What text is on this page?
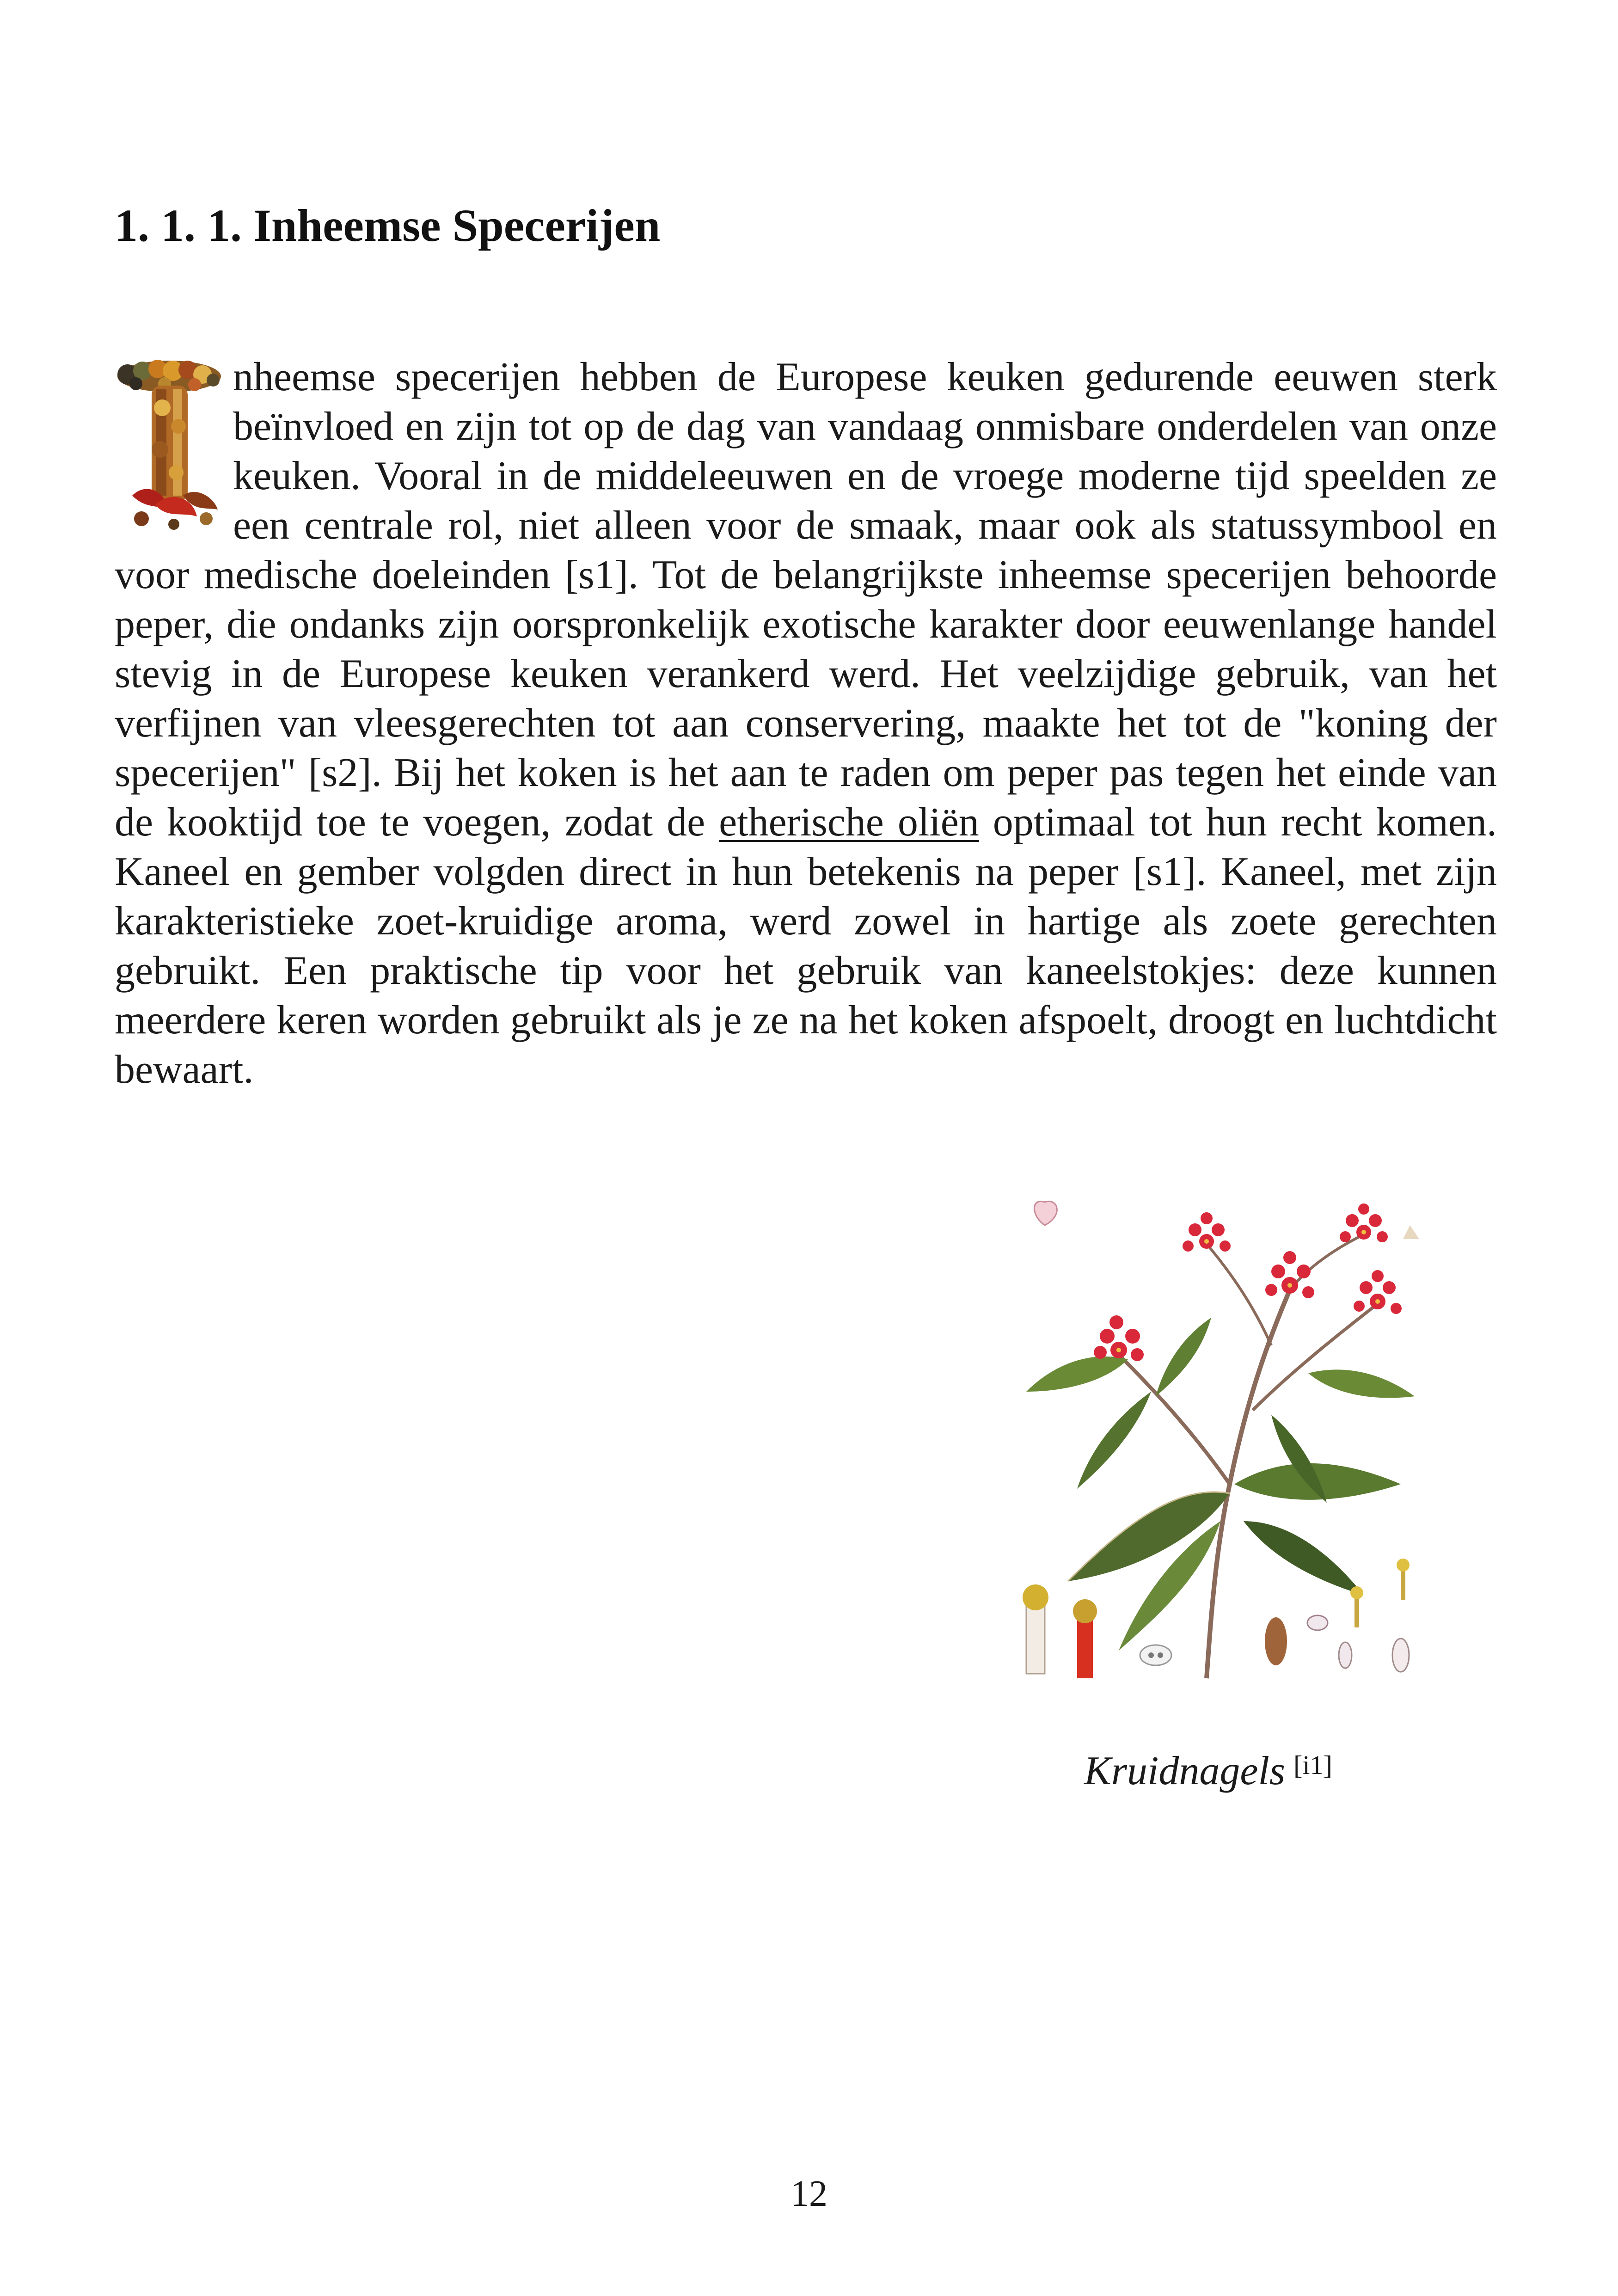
1. 1. 1. Inheemse Specerijen

nheemse specerijen hebben de Europese keuken gedurende eeuwen sterk beïnvloed en zijn tot op de dag van vandaag onmisbare onderdelen van onze keuken. Vooral in de middeleeuwen en de vroege moderne tijd speelden ze een centrale rol, niet alleen voor de smaak, maar ook als statussymbool en voor medische doeleinden [s1]. Tot de belangrijkste inheemse specerijen behoorde peper, die ondanks zijn oorspronkelijk exotische karakter door eeuwenlange handel stevig in de Europese keuken verankerd werd. Het veelzijdige gebruik, van het verfijnen van vleesgerechten tot aan conservering, maakte het tot de "koning der specerijen" [s2]. Bij het koken is het aan te raden om peper pas tegen het einde van de kooktijd toe te voegen, zodat de etherische oliën optimaal tot hun recht komen. Kaneel en gember volgden direct in hun betekenis na peper [s1]. Kaneel, met zijn karakteristieke zoet-kruidige aroma, werd zowel in hartige als zoete gerechten gebruikt. Een praktische tip voor het gebruik van kaneelstokjes: deze kunnen meerdere keren worden gebruikt als je ze na het koken afspoelt, droogt en luchtdicht bewaart.

Kruidnagels [i1]
12
